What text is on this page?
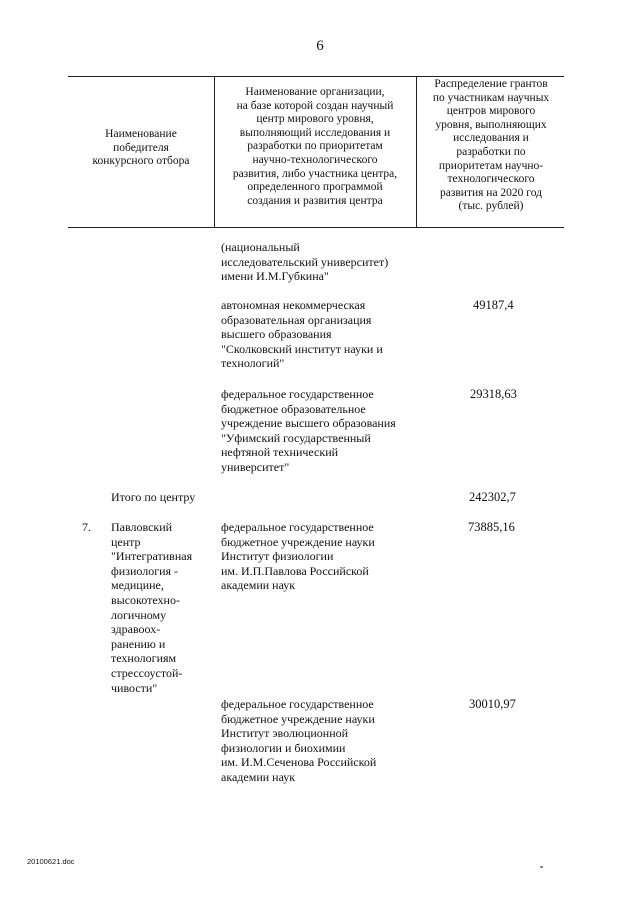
6
Наименование
победителя
конкурсного отбора
Наименование организации,
на базе которой создан научный
центр мирового уровня,
выполняющий исследования и
разработки по приоритетам
научно-технологического
развития, либо участника центра,
определенного программой
создания и развития центра
Распределение грантов
по участникам научных
центров мирового
уровня, выполняющих
исследования и
разработки по
приоритетам научно-
технологического
развития на 2020 год
(тыс. рублей)
(национальный
исследовательский университет)
имени И.М.Губкина"
автономная некоммерческая
образовательная организация
высшего образования
"Сколковский институт науки и
технологий"
49187,4
федеральное государственное
бюджетное образовательное
учреждение высшего образования
"Уфимский государственный
нефтяной технический
университет"
29318,63
Итого по центру	242302,7
7. Павловский
центр
"Интегративная
физиология -
медицине,
высокотехно-
логичному
здравоох-
ранению и
технологиям
стрессоустой-
чивости"
федеральное государственное
бюджетное учреждение науки
Институт физиологии
им. И.П.Павлова Российской
академии наук
73885,16
федеральное государственное
бюджетное учреждение науки
Институт эволюционной
физиологии и биохимии
им. И.М.Сеченова Российской
академии наук
30010,97
20100621.doc
